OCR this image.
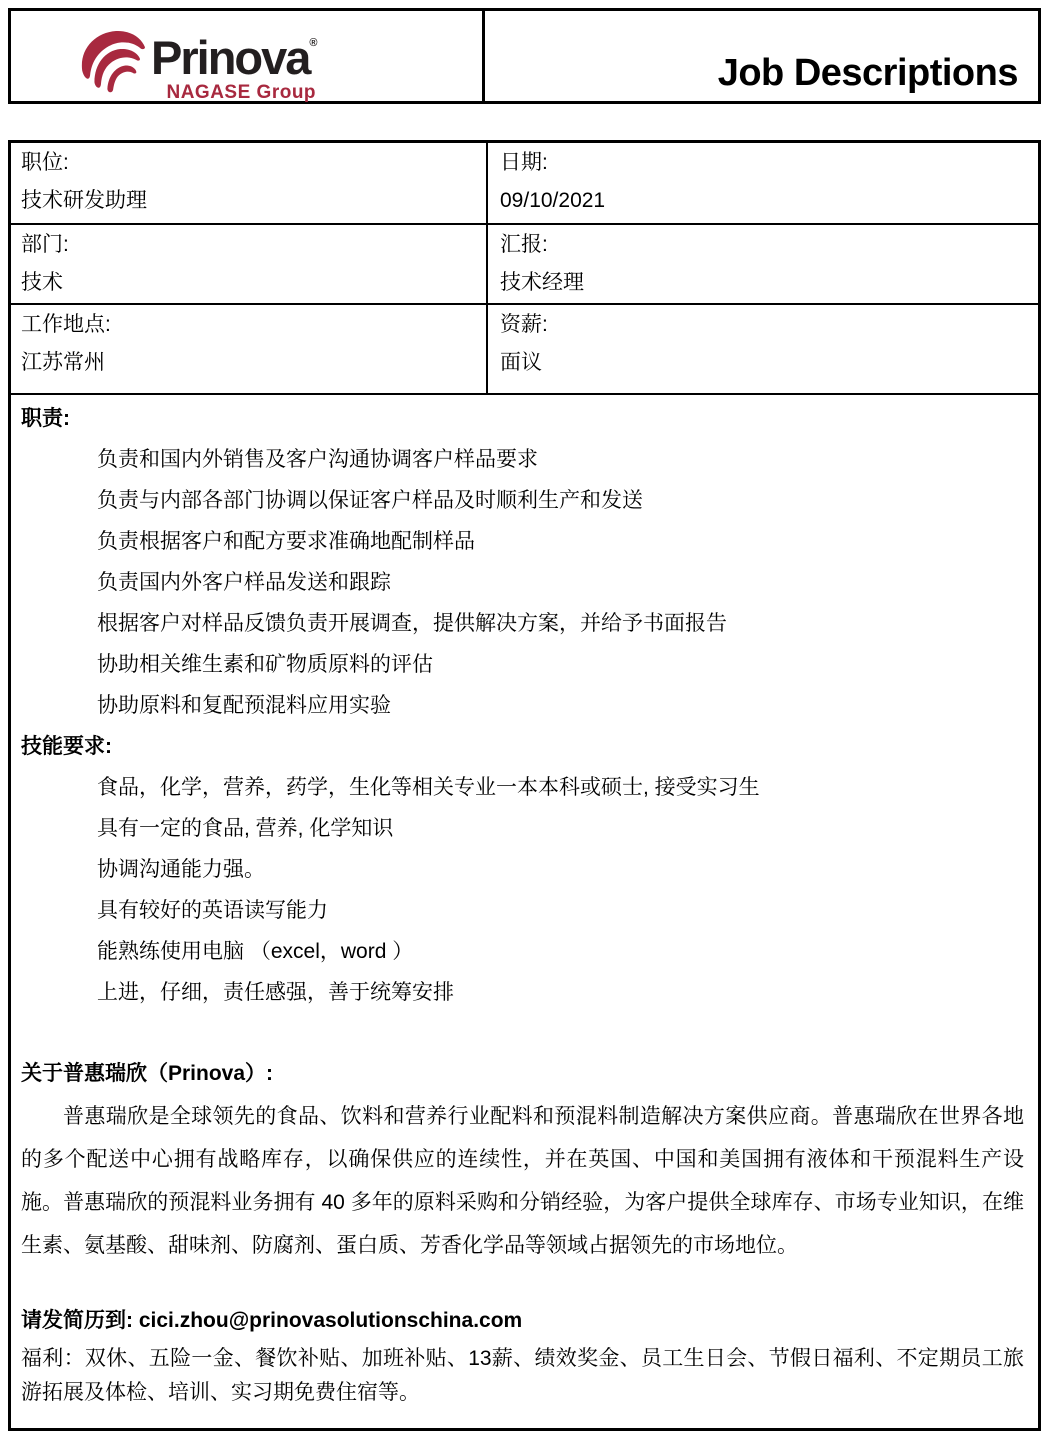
Prinova®
NAGASE Group	Job Descriptions
职位:
技术研发助理
日期:
09/10/2021
部门:
技术
汇报:
技术经理
工作地点:
江苏常州
资薪:
面议
职责:
负责和国内外销售及客户沟通协调客户样品要求
负责与内部各部门协调以保证客户样品及时顺利生产和发送
负责根据客户和配方要求准确地配制样品
负责国内外客户样品发送和跟踪
根据客户对样品反馈负责开展调查，提供解决方案，并给予书面报告
协助相关维生素和矿物质原料的评估
协助原料和复配预混料应用实验
技能要求:
食品，化学，营养，药学，生化等相关专业一本本科或硕士, 接受实习生
具有一定的食品, 营养, 化学知识
协调沟通能力强。
具有较好的英语读写能力
能熟练使用电脑 （excel，word ）
上进，仔细，责任感强，善于统筹安排
关于普惠瑞欣（Prinova）:
普惠瑞欣是全球领先的食品、饮料和营养行业配料和预混料制造解决方案供应商。普惠瑞欣在世界各地的多个配送中心拥有战略库存，以确保供应的连续性，并在英国、中国和美国拥有液体和干预混料生产设施。普惠瑞欣的预混料业务拥有 40 多年的原料采购和分销经验，为客户提供全球库存、市场专业知识，在维生素、氨基酸、甜味剂、防腐剂、蛋白质、芳香化学品等领域占据领先的市场地位。
请发简历到: cici.zhou@prinovasolutionschina.com
福利：双休、五险一金、餐饮补贴、加班补贴、13薪、绩效奖金、员工生日会、节假日福利、不定期员工旅游拓展及体检、培训、实习期免费住宿等。
